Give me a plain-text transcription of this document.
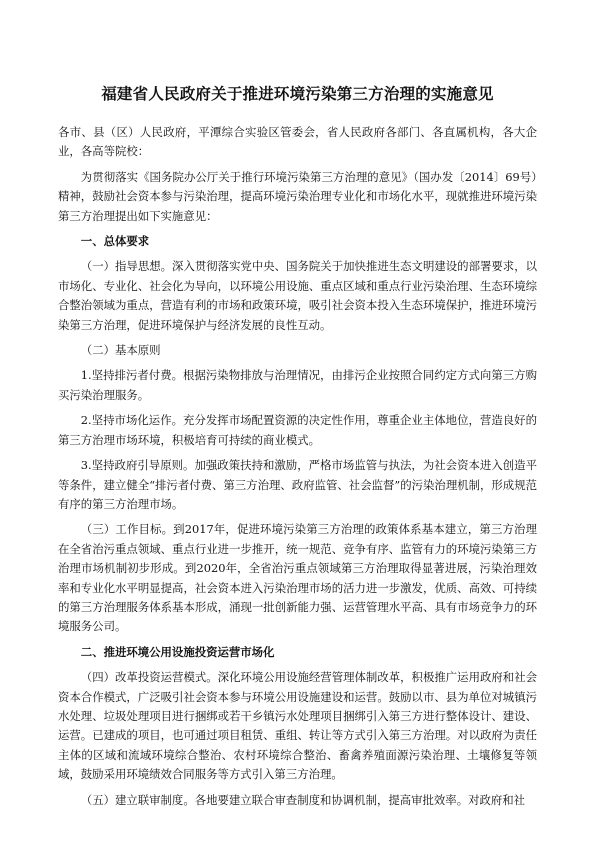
福建省人民政府关于推进环境污染第三方治理的实施意见

各市、县（区）人民政府，平潭综合实验区管委会，省人民政府各部门、各直属机构，各大企业，各高等院校：

为贯彻落实《国务院办公厅关于推行环境污染第三方治理的意见》（国办发〔2014〕69号）精神，鼓励社会资本参与污染治理，提高环境污染治理专业化和市场化水平，现就推进环境污染第三方治理提出如下实施意见：

一、总体要求

（一）指导思想。深入贯彻落实党中央、国务院关于加快推进生态文明建设的部署要求，以市场化、专业化、社会化为导向，以环境公用设施、重点区域和重点行业污染治理、生态环境综合整治领域为重点，营造有利的市场和政策环境，吸引社会资本投入生态环境保护，推进环境污染第三方治理，促进环境保护与经济发展的良性互动。

（二）基本原则

1.坚持排污者付费。根据污染物排放与治理情况，由排污企业按照合同约定方式向第三方购买污染治理服务。

2.坚持市场化运作。充分发挥市场配置资源的决定性作用，尊重企业主体地位，营造良好的第三方治理市场环境，积极培育可持续的商业模式。

3.坚持政府引导原则。加强政策扶持和激励，严格市场监管与执法，为社会资本进入创造平等条件，建立健全“排污者付费、第三方治理、政府监管、社会监督”的污染治理机制，形成规范有序的第三方治理市场。

（三）工作目标。到2017年，促进环境污染第三方治理的政策体系基本建立，第三方治理在全省治污重点领域、重点行业进一步推开，统一规范、竞争有序、监管有力的环境污染第三方治理市场机制初步形成。到2020年，全省治污重点领域第三方治理取得显著进展，污染治理效率和专业化水平明显提高，社会资本进入污染治理市场的活力进一步激发，优质、高效、可持续的第三方治理服务体系基本形成，涌现一批创新能力强、运营管理水平高、具有市场竞争力的环境服务公司。

二、推进环境公用设施投资运营市场化

（四）改革投资运营模式。深化环境公用设施经营管理体制改革，积极推广运用政府和社会资本合作模式，广泛吸引社会资本参与环境公用设施建设和运营。鼓励以市、县为单位对城镇污水处理、垃圾处理项目进行捆绑或若干乡镇污水处理项目捆绑引入第三方进行整体设计、建设、运营。已建成的项目，也可通过项目租赁、重组、转让等方式引入第三方治理。对以政府为责任主体的区域和流域环境综合整治、农村环境综合整治、畜禽养殖面源污染治理、土壤修复等领域，鼓励采用环境绩效合同服务等方式引入第三方治理。

（五）建立联审制度。各地要建立联合审查制度和协调机制，提高审批效率。对政府和社
